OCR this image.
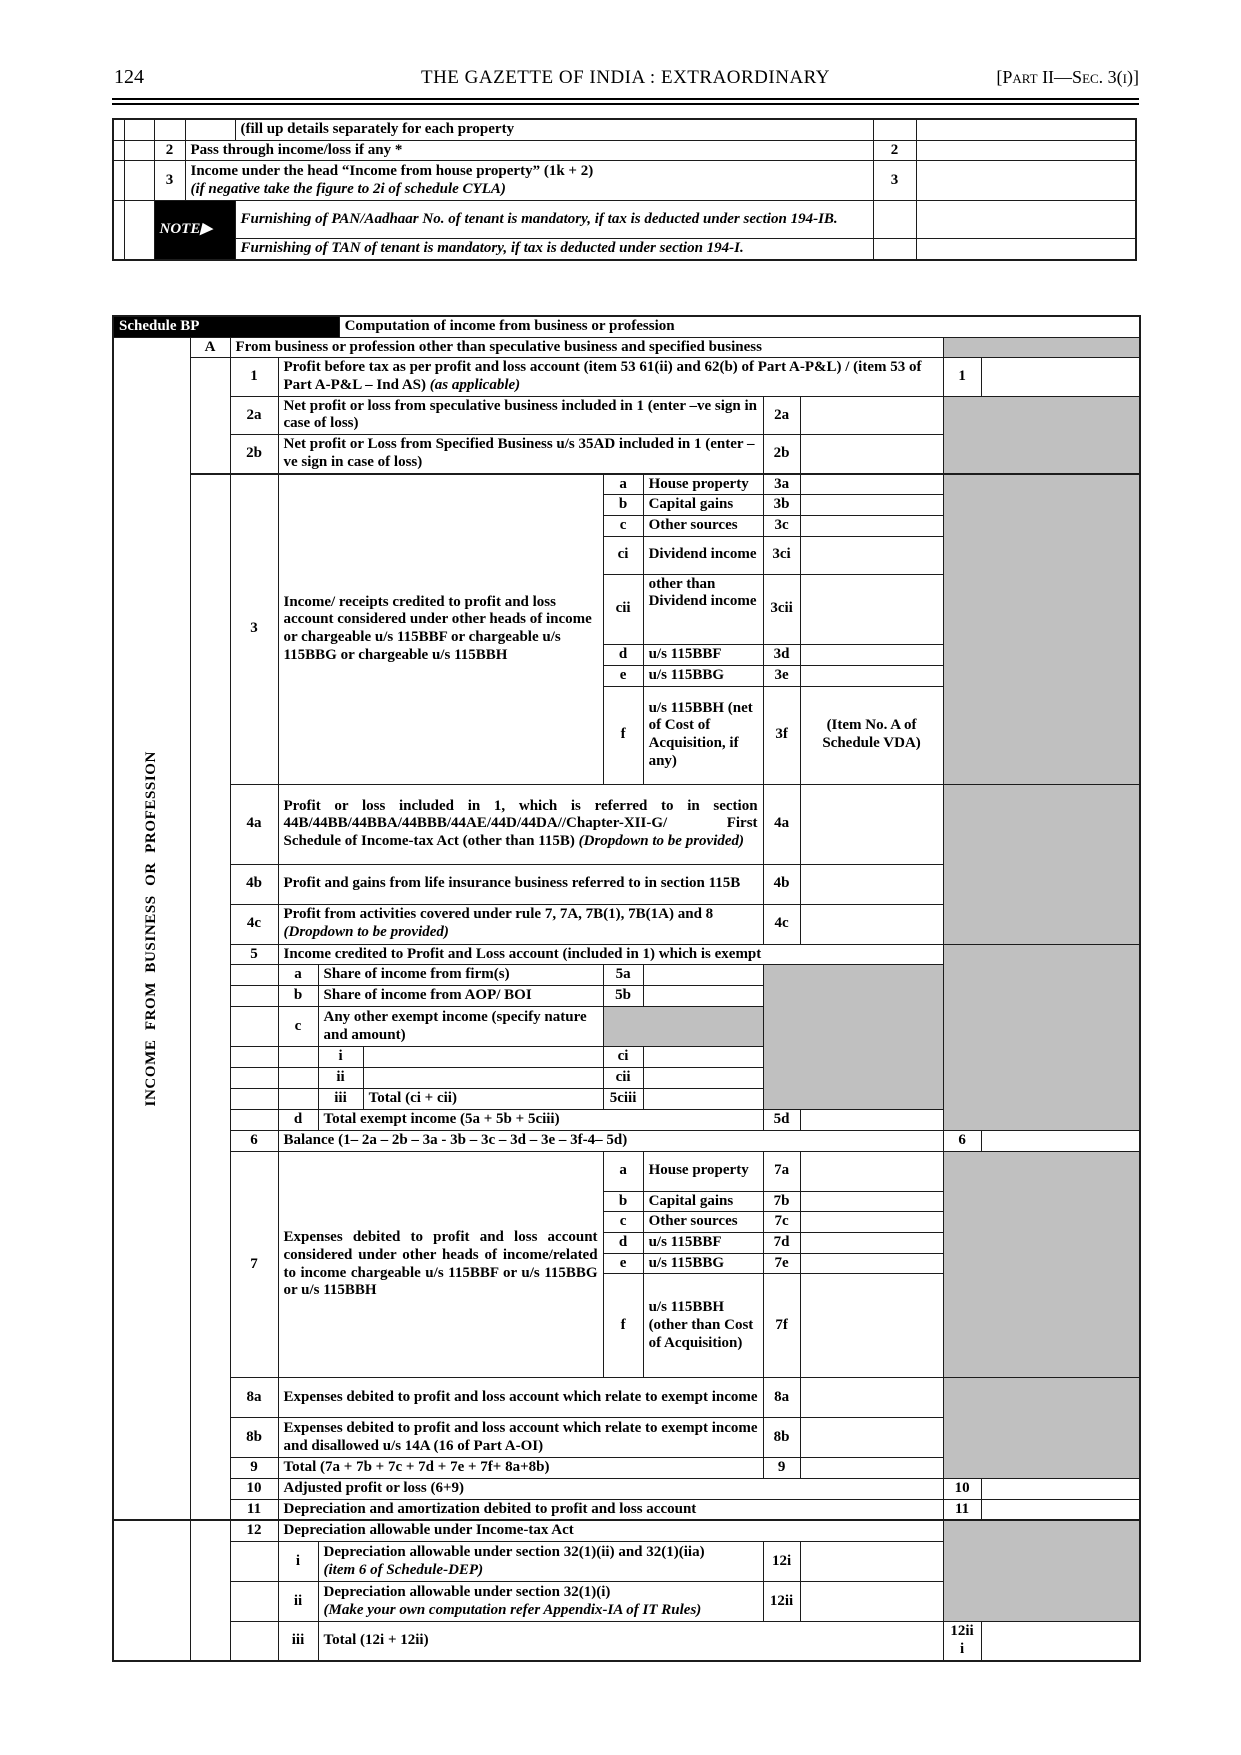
124	THE GAZETTE OF INDIA : EXTRAORDINARY	[Part II—Sec. 3(i)]
				(fill up details separately for each property		
		2	Pass through income/loss if any *		2	
		3	Income under the head “Income from house property” (1k + 2)
(if negative take the figure to 2i of schedule CYLA)		3	
		NOTE▶		Furnishing of PAN/Aadhaar No. of tenant is mandatory, if tax is deducted under section 194-IB.		
				Furnishing of TAN of tenant is mandatory, if tax is deducted under section 194-I.		
Schedule BP					Computation of income from business or profession							

INCOME FROM BUSINESS OR PROFESSION	A	From business or profession other than speculative business and specified business										
		1	Profit before tax as per profit and loss account (item 53 61(ii) and 62(b) of Part A-P&L) / (item 53 of Part A-P&L – Ind AS) (as applicable)								1	
		2a	Net profit or loss from speculative business included in 1 (enter –ve sign in case of loss)						2a			
		2b	Net profit or Loss from Specified Business u/s 35AD included in 1 (enter –ve sign in case of loss)						2b			
		3	Income/ receipts credited to profit and loss account considered under other heads of income or chargeable u/s 115BBF or chargeable u/s 115BBG or chargeable u/s 115BBH				a	House property	3a			
							b	Capital gains	3b			
							c	Other sources	3c			
							ci	Dividend income	3ci			
							cii	other than Dividend income	3cii			
							d	u/s 115BBF	3d			
							e	u/s 115BBG	3e			
							f	u/s 115BBH (net of Cost of Acquisition, if any)	3f	(Item No. A of Schedule VDA)		
		4a	Profit or loss included in 1, which is referred to in section 44B/44BB/44BBA/44BBB/44AE/44D/44DA//Chapter-XII-G/ First Schedule of Income-tax Act (other than 115B) (Dropdown to be provided)						4a			
		4b	Profit and gains from life insurance business referred to in section 115B						4b			
		4c	Profit from activities covered under rule 7, 7A, 7B(1), 7B(1A) and 8 (Dropdown to be provided)						4c			
		5	Income credited to Profit and Loss account (included in 1) which is exempt									
			a	Share of income from firm(s)			5a					
			b	Share of income from AOP/ BOI			5b					
			c	Any other exempt income (specify nature and amount)								
				i			ci					
				ii			cii					
				iii		Total (ci + cii)	5ciii					
			d	Total exempt income (5a + 5b + 5ciii)					5d			
		6	Balance (1– 2a – 2b – 3a - 3b – 3c – 3d – 3e – 3f-4– 5d)								6	
		7	Expenses debited to profit and loss account considered under other heads of income/related to income chargeable u/s 115BBF or u/s 115BBG or u/s 115BBH				a	House property	7a			
							b	Capital gains	7b			
							c	Other sources	7c			
							d	u/s 115BBF	7d			
							e	u/s 115BBG	7e			
							f	u/s 115BBH (other than Cost of Acquisition)	7f			
		8a	Expenses debited to profit and loss account which relate to exempt income						8a			
		8b	Expenses debited to profit and loss account which relate to exempt income and disallowed u/s 14A (16 of Part A-OI)						8b			
		9	Total (7a + 7b + 7c + 7d + 7e + 7f+ 8a+8b)						9			
		10	Adjusted profit or loss (6+9)								10	
		11	Depreciation and amortization debited to profit and loss account								11	
		12	Depreciation allowable under Income-tax Act									
			i	Depreciation allowable under section 32(1)(ii) and 32(1)(iia)
(item 6 of Schedule-DEP)					12i			
			ii	Depreciation allowable under section 32(1)(i)
(Make your own computation refer Appendix-IA of IT Rules)					12ii			
			iii	Total (12i + 12ii)							12iii	
